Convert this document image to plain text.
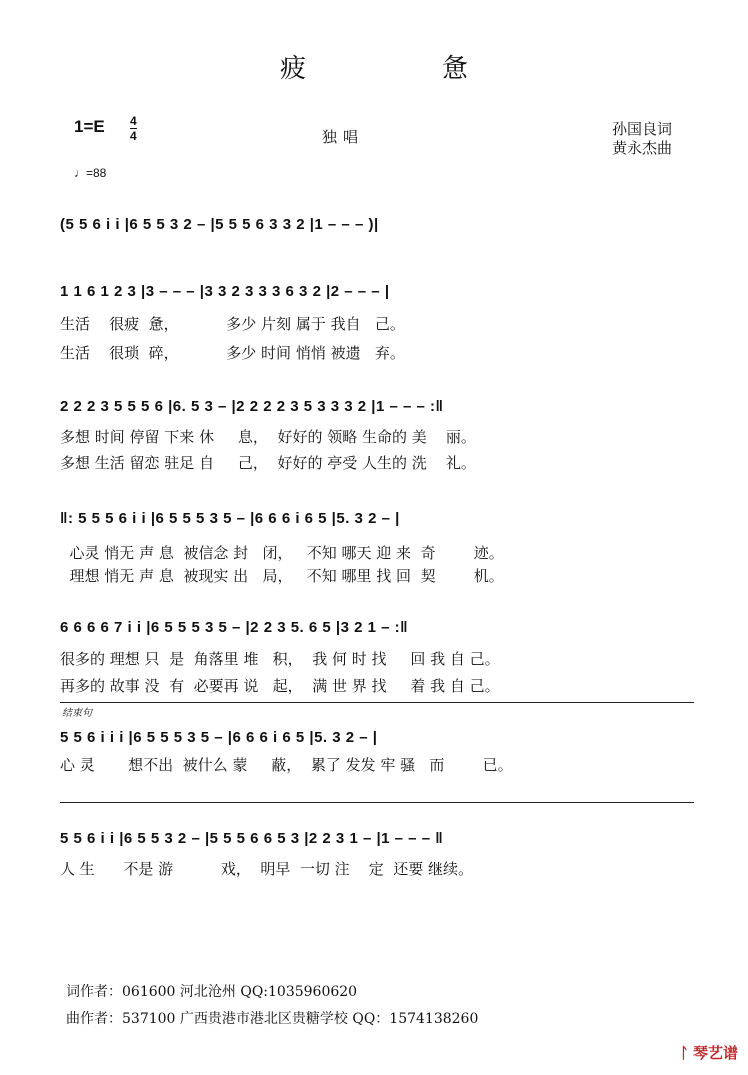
疲	惫
1=E 4
4	独唱	孙国良词
黄永杰曲
♩=88
(5 5 6 i i |6 5 5 3 2 – |5 5 5 6 3 3 2 |1 – – – )|
1 1 6 1 2 3 |3 – – – |3 3 2 3 3 3 6 3 2 |2 – – – |
生活    很疲  惫，          多少 片刻 属于 我自   己。
生活    很琐  碎，          多少 时间 悄悄 被遗   弃。
2 2 2 3 5 5 5 6 |6. 5 3 – |2 2 2 2 3 5 3 3 3 2 |1 – – – :‖
多想 时间 停留 下来 休     息，  好好的 领略 生命的 美    丽。
多想 生活 留恋 驻足 自     己，  好好的 亭受 人生的 洗    礼。
‖: 5 5 5 6 i i |6 5 5 5 3 5 – |6 6 6 i 6 5 |5. 3 2 – |
心灵 悄无 声 息  被信念 封   闭，   不知 哪天 迎 来  奇        迹。
理想 悄无 声 息  被现实 出   局，   不知 哪里 找 回  契        机。
6 6 6 6 7 i i |6 5 5 5 3 5 – |2 2 3 5. 6 5 |3 2 1 – :‖
很多的 理想 只  是  角落里 堆   积，  我 何 时 找     回 我 自 己。
再多的 故事 没  有  必要再 说   起，  满 世 界 找     着 我 自 己。
结束句
5 5 6 i i i |6 5 5 5 3 5 – |6 6 6 i 6 5 |5. 3 2 – |
心 灵       想不出  被什么 蒙     蔽，  累了 发发 牢 骚   而        已。
5 5 6 i i |6 5 5 3 2 – |5 5 5 6 6 5 3 |2 2 3 1 – |1 – – – ‖
人 生      不是 游          戏，  明早  一切 注    定  还要 继续。
词作者：061600 河北沧州 QQ:1035960620
曲作者：537100 广西贵港市港北区贵糖学校 QQ：1574138260
ᛚ 琴艺谱
